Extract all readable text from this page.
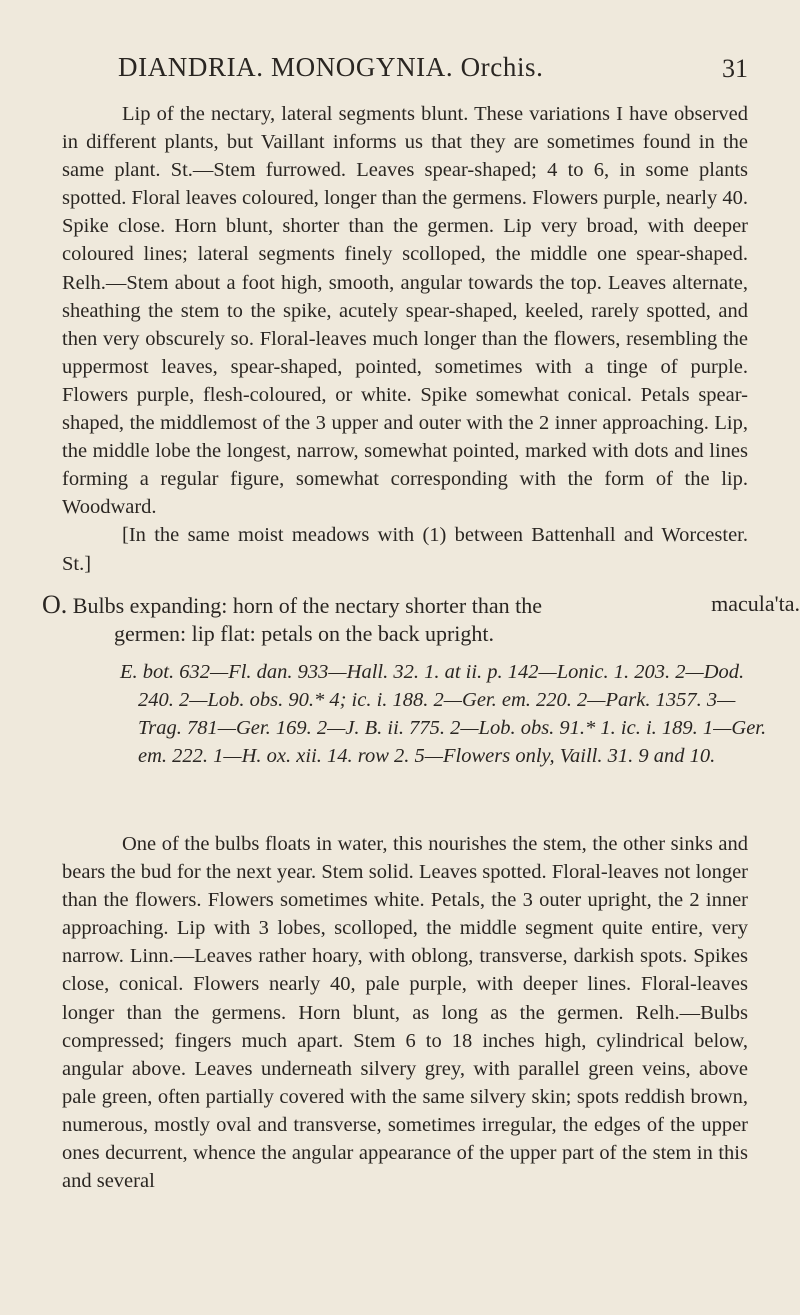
DIANDRIA. MONOGYNIA. Orchis.	31

Lip of the nectary, lateral segments blunt. These variations I have observed in different plants, but Vaillant informs us that they are sometimes found in the same plant. St.—Stem furrowed. Leaves spear-shaped; 4 to 6, in some plants spotted. Floral leaves coloured, longer than the germens. Flowers purple, nearly 40. Spike close. Horn blunt, shorter than the germen. Lip very broad, with deeper coloured lines; lateral segments finely scolloped, the middle one spear-shaped. Relh.—Stem about a foot high, smooth, angular towards the top. Leaves alternate, sheathing the stem to the spike, acutely spear-shaped, keeled, rarely spotted, and then very obscurely so. Floral-leaves much longer than the flowers, resembling the uppermost leaves, spear-shaped, pointed, sometimes with a tinge of purple. Flowers purple, flesh-coloured, or white. Spike somewhat conical. Petals spear-shaped, the middlemost of the 3 upper and outer with the 2 inner approaching. Lip, the middle lobe the longest, narrow, somewhat pointed, marked with dots and lines forming a regular figure, somewhat corresponding with the form of the lip. Woodward.

[In the same moist meadows with (1) between Battenhall and Worcester. St.]

O. Bulbs expanding: horn of the nectary shorter than the
germen: lip flat: petals on the back upright.
macula'ta.
E. bot. 632—Fl. dan. 933—Hall. 32. 1. at ii. p. 142—Lonic. 1. 203. 2—Dod. 240. 2—Lob. obs. 90.* 4; ic. i. 188. 2—Ger. em. 220. 2—Park. 1357. 3—Trag. 781—Ger. 169. 2—J. B. ii. 775. 2—Lob. obs. 91.* 1. ic. i. 189. 1—Ger. em. 222. 1—H. ox. xii. 14. row 2. 5—Flowers only, Vaill. 31. 9 and 10.

One of the bulbs floats in water, this nourishes the stem, the other sinks and bears the bud for the next year. Stem solid. Leaves spotted. Floral-leaves not longer than the flowers. Flowers sometimes white. Petals, the 3 outer upright, the 2 inner approaching. Lip with 3 lobes, scolloped, the middle segment quite entire, very narrow. Linn.—Leaves rather hoary, with oblong, transverse, darkish spots. Spikes close, conical. Flowers nearly 40, pale purple, with deeper lines. Floral-leaves longer than the germens. Horn blunt, as long as the germen. Relh.—Bulbs compressed; fingers much apart. Stem 6 to 18 inches high, cylindrical below, angular above. Leaves underneath silvery grey, with parallel green veins, above pale green, often partially covered with the same silvery skin; spots reddish brown, numerous, mostly oval and transverse, sometimes irregular, the edges of the upper ones decurrent, whence the angular appearance of the upper part of the stem in this and several
